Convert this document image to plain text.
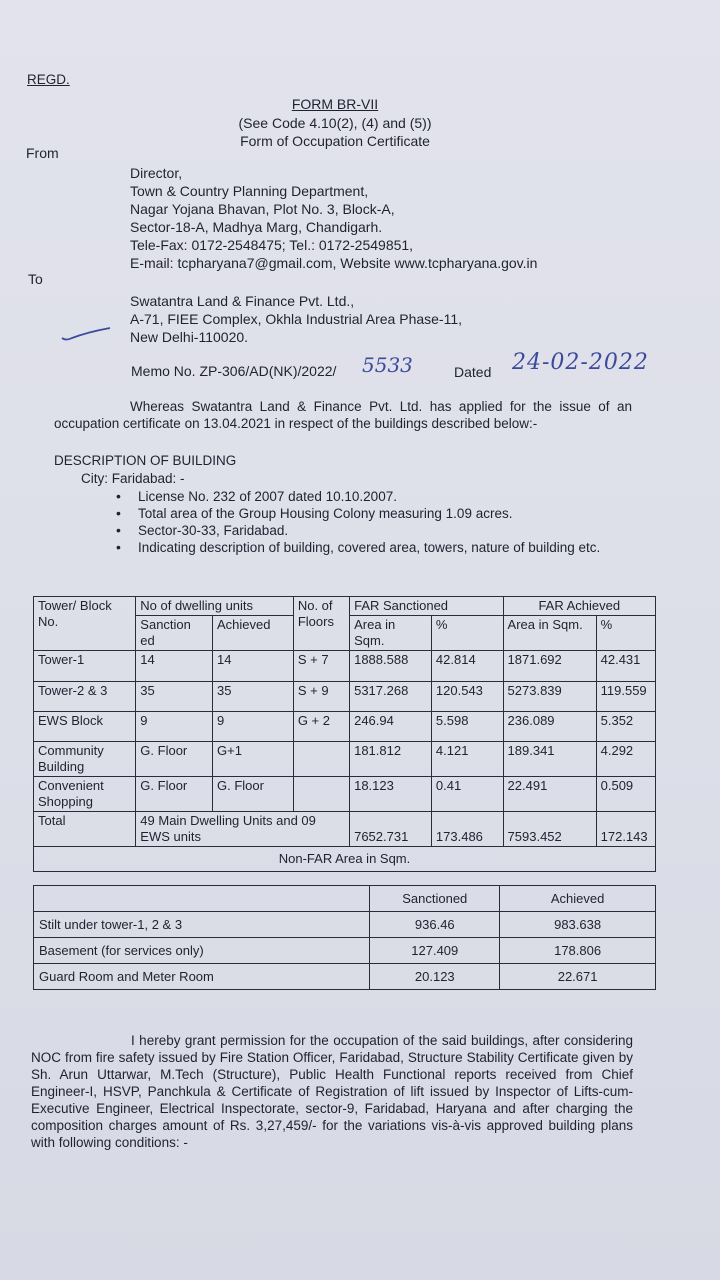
REGD.
FORM BR-VII
(See Code 4.10(2), (4) and (5))
Form of Occupation Certificate
From
Director,
Town & Country Planning Department,
Nagar Yojana Bhavan, Plot No. 3, Block-A,
Sector-18-A, Madhya Marg, Chandigarh.
Tele-Fax: 0172-2548475; Tel.: 0172-2549851,
E-mail: tcpharyana7@gmail.com, Website www.tcpharyana.gov.in
To
Swatantra Land & Finance Pvt. Ltd.,
A-71, FIEE Complex, Okhla Industrial Area Phase-11,
New Delhi-110020.
Memo No. ZP-306/AD(NK)/2022/ 5533	Dated 24-02-2022
Whereas Swatantra Land & Finance Pvt. Ltd. has applied for the issue of an occupation certificate on 13.04.2021 in respect of the buildings described below:-
DESCRIPTION OF BUILDING
City: Faridabad: -
• License No. 232 of 2007 dated 10.10.2007.
• Total area of the Group Housing Colony measuring 1.09 acres.
• Sector-30-33, Faridabad.
• Indicating description of building, covered area, towers, nature of building etc.
Tower/ Block No.	No of dwelling units		No. of Floors	FAR Sanctioned		FAR Achieved	
	Sanction ed	Achieved		Area in Sqm.	%	Area in Sqm.	%
Tower-1	14	14	S + 7	1888.588	42.814	1871.692	42.431
Tower-2 & 3	35	35	S + 9	5317.268	120.543	5273.839	119.559
EWS Block	9	9	G + 2	246.94	5.598	236.089	5.352
Community Building	G. Floor	G+1		181.812	4.121	189.341	4.292
Convenient Shopping	G. Floor	G. Floor		18.123	0.41	22.491	0.509
Total	49 Main Dwelling Units and 09 EWS units			7652.731	173.486	7593.452	172.143
Non-FAR Area in Sqm.							
	Sanctioned	Achieved
Stilt under tower-1, 2 & 3	936.46	983.638
Basement (for services only)	127.409	178.806
Guard Room and Meter Room	20.123	22.671
I hereby grant permission for the occupation of the said buildings, after considering NOC from fire safety issued by Fire Station Officer, Faridabad, Structure Stability Certificate given by Sh. Arun Uttarwar, M.Tech (Structure), Public Health Functional reports received from Chief Engineer-I, HSVP, Panchkula & Certificate of Registration of lift issued by Inspector of Lifts-cum-Executive Engineer, Electrical Inspectorate, sector-9, Faridabad, Haryana and after charging the composition charges amount of Rs. 3,27,459/- for the variations vis-à-vis approved building plans with following conditions: -
